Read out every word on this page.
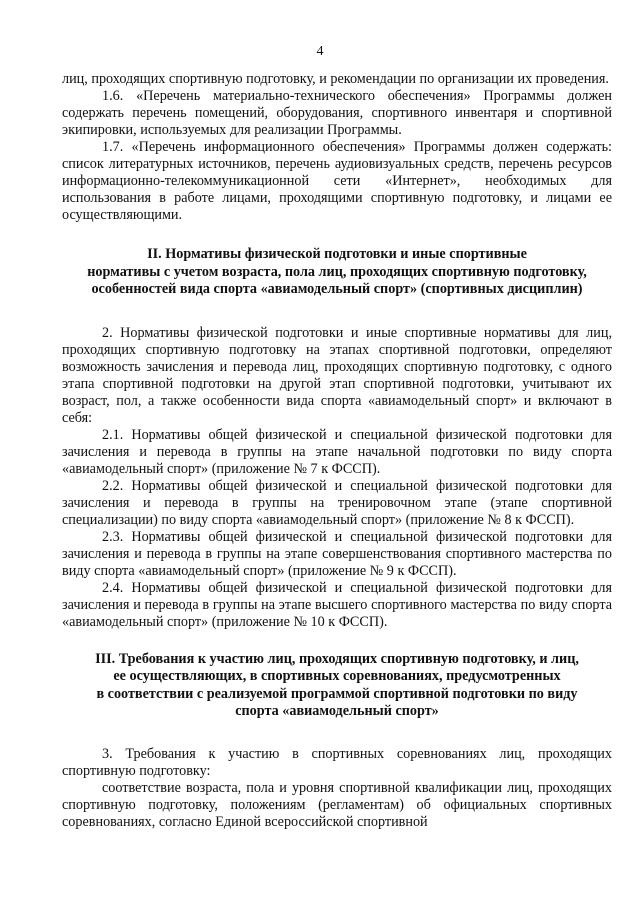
4

лиц, проходящих спортивную подготовку, и рекомендации по организации их проведения.

1.6. «Перечень материально-технического обеспечения» Программы должен содержать перечень помещений, оборудования, спортивного инвентаря и спортивной экипировки, используемых для реализации Программы.

1.7. «Перечень информационного обеспечения» Программы должен содержать: список литературных источников, перечень аудиовизуальных средств, перечень ресурсов информационно-телекоммуникационной сети «Интернет», необходимых для использования в работе лицами, проходящими спортивную подготовку, и лицами ее осуществляющими.

II. Нормативы физической подготовки и иные спортивные
нормативы с учетом возраста, пола лиц, проходящих спортивную подготовку,
особенностей вида спорта «авиамодельный спорт» (спортивных дисциплин)

2. Нормативы физической подготовки и иные спортивные нормативы для лиц, проходящих спортивную подготовку на этапах спортивной подготовки, определяют возможность зачисления и перевода лиц, проходящих спортивную подготовку, с одного этапа спортивной подготовки на другой этап спортивной подготовки, учитывают их возраст, пол, а также особенности вида спорта «авиамодельный спорт» и включают в себя:

2.1. Нормативы общей физической и специальной физической подготовки для зачисления и перевода в группы на этапе начальной подготовки по виду спорта «авиамодельный спорт» (приложение № 7 к ФССП).

2.2. Нормативы общей физической и специальной физической подготовки для зачисления и перевода в группы на тренировочном этапе (этапе спортивной специализации) по виду спорта «авиамодельный спорт» (приложение № 8 к ФССП).

2.3. Нормативы общей физической и специальной физической подготовки для зачисления и перевода в группы на этапе совершенствования спортивного мастерства по виду спорта «авиамодельный спорт» (приложение № 9 к ФССП).

2.4. Нормативы общей физической и специальной физической подготовки для зачисления и перевода в группы на этапе высшего спортивного мастерства по виду спорта «авиамодельный спорт» (приложение № 10 к ФССП).

III. Требования к участию лиц, проходящих спортивную подготовку, и лиц,
ее осуществляющих, в спортивных соревнованиях, предусмотренных
в соответствии с реализуемой программой спортивной подготовки по виду
спорта «авиамодельный спорт»

3. Требования к участию в спортивных соревнованиях лиц, проходящих спортивную подготовку:

соответствие возраста, пола и уровня спортивной квалификации лиц, проходящих спортивную подготовку, положениям (регламентам) об официальных спортивных соревнованиях, согласно Единой всероссийской спортивной
